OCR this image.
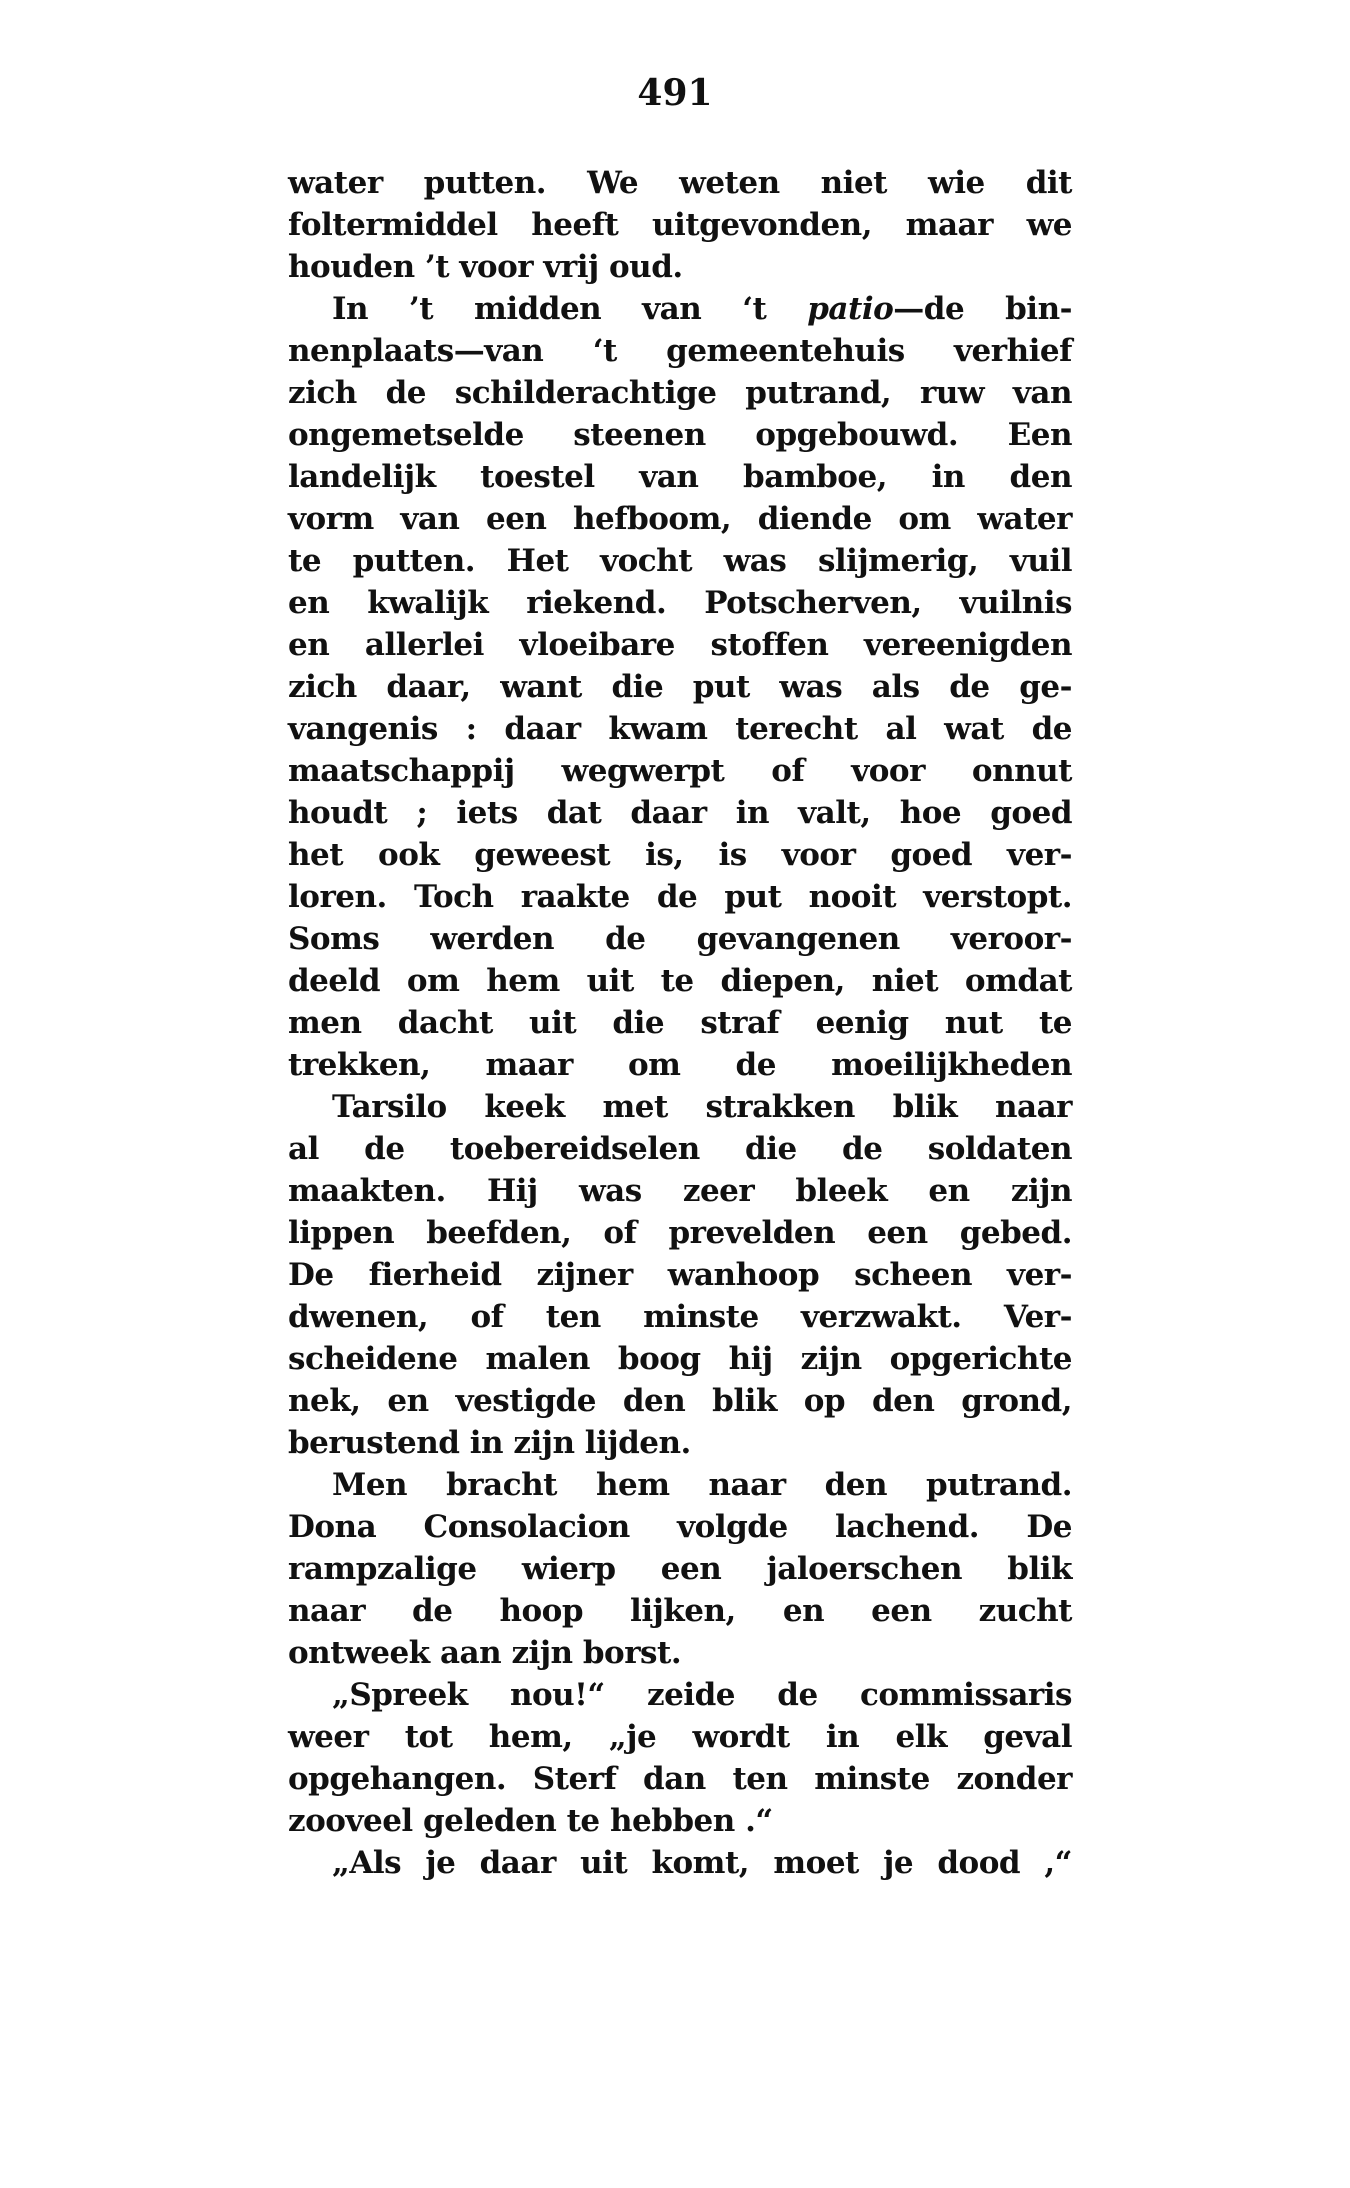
491
water putten. We weten niet wie dit
foltermiddel heeft uitgevonden, maar we
houden ’t voor vrij oud.
In ’t midden van ‘t patio—de bin-
nenplaats—van ‘t gemeentehuis verhief
zich de schilderachtige putrand, ruw van
ongemetselde steenen opgebouwd. Een
landelijk toestel van bamboe, in den
vorm van een hefboom, diende om water
te putten. Het vocht was slijmerig, vuil
en kwalijk riekend. Potscherven, vuilnis
en allerlei vloeibare stoffen vereenigden
zich daar, want die put was als de ge-
vangenis : daar kwam terecht al wat de
maatschappij wegwerpt of voor onnut
houdt ; iets dat daar in valt, hoe goed
het ook geweest is, is voor goed ver-
loren. Toch raakte de put nooit verstopt.
Soms werden de gevangenen veroor-
deeld om hem uit te diepen, niet omdat
men dacht uit die straf eenig nut te
trekken, maar om de moeilijkheden
Tarsilo keek met strakken blik naar
al de toebereidselen die de soldaten
maakten. Hij was zeer bleek en zijn
lippen beefden, of prevelden een gebed.
De fierheid zijner wanhoop scheen ver-
dwenen, of ten minste verzwakt. Ver-
scheidene malen boog hij zijn opgerichte
nek, en vestigde den blik op den grond,
berustend in zijn lijden.
Men bracht hem naar den putrand.
Dona Consolacion volgde lachend. De
rampzalige wierp een jaloerschen blik
naar de hoop lijken, en een zucht
ontweek aan zijn borst.
„Spreek nou!“ zeide de commissaris
weer tot hem, „je wordt in elk geval
opgehangen. Sterf dan ten minste zonder
zooveel geleden te hebben .“
„Als je daar uit komt, moet je dood ,“
